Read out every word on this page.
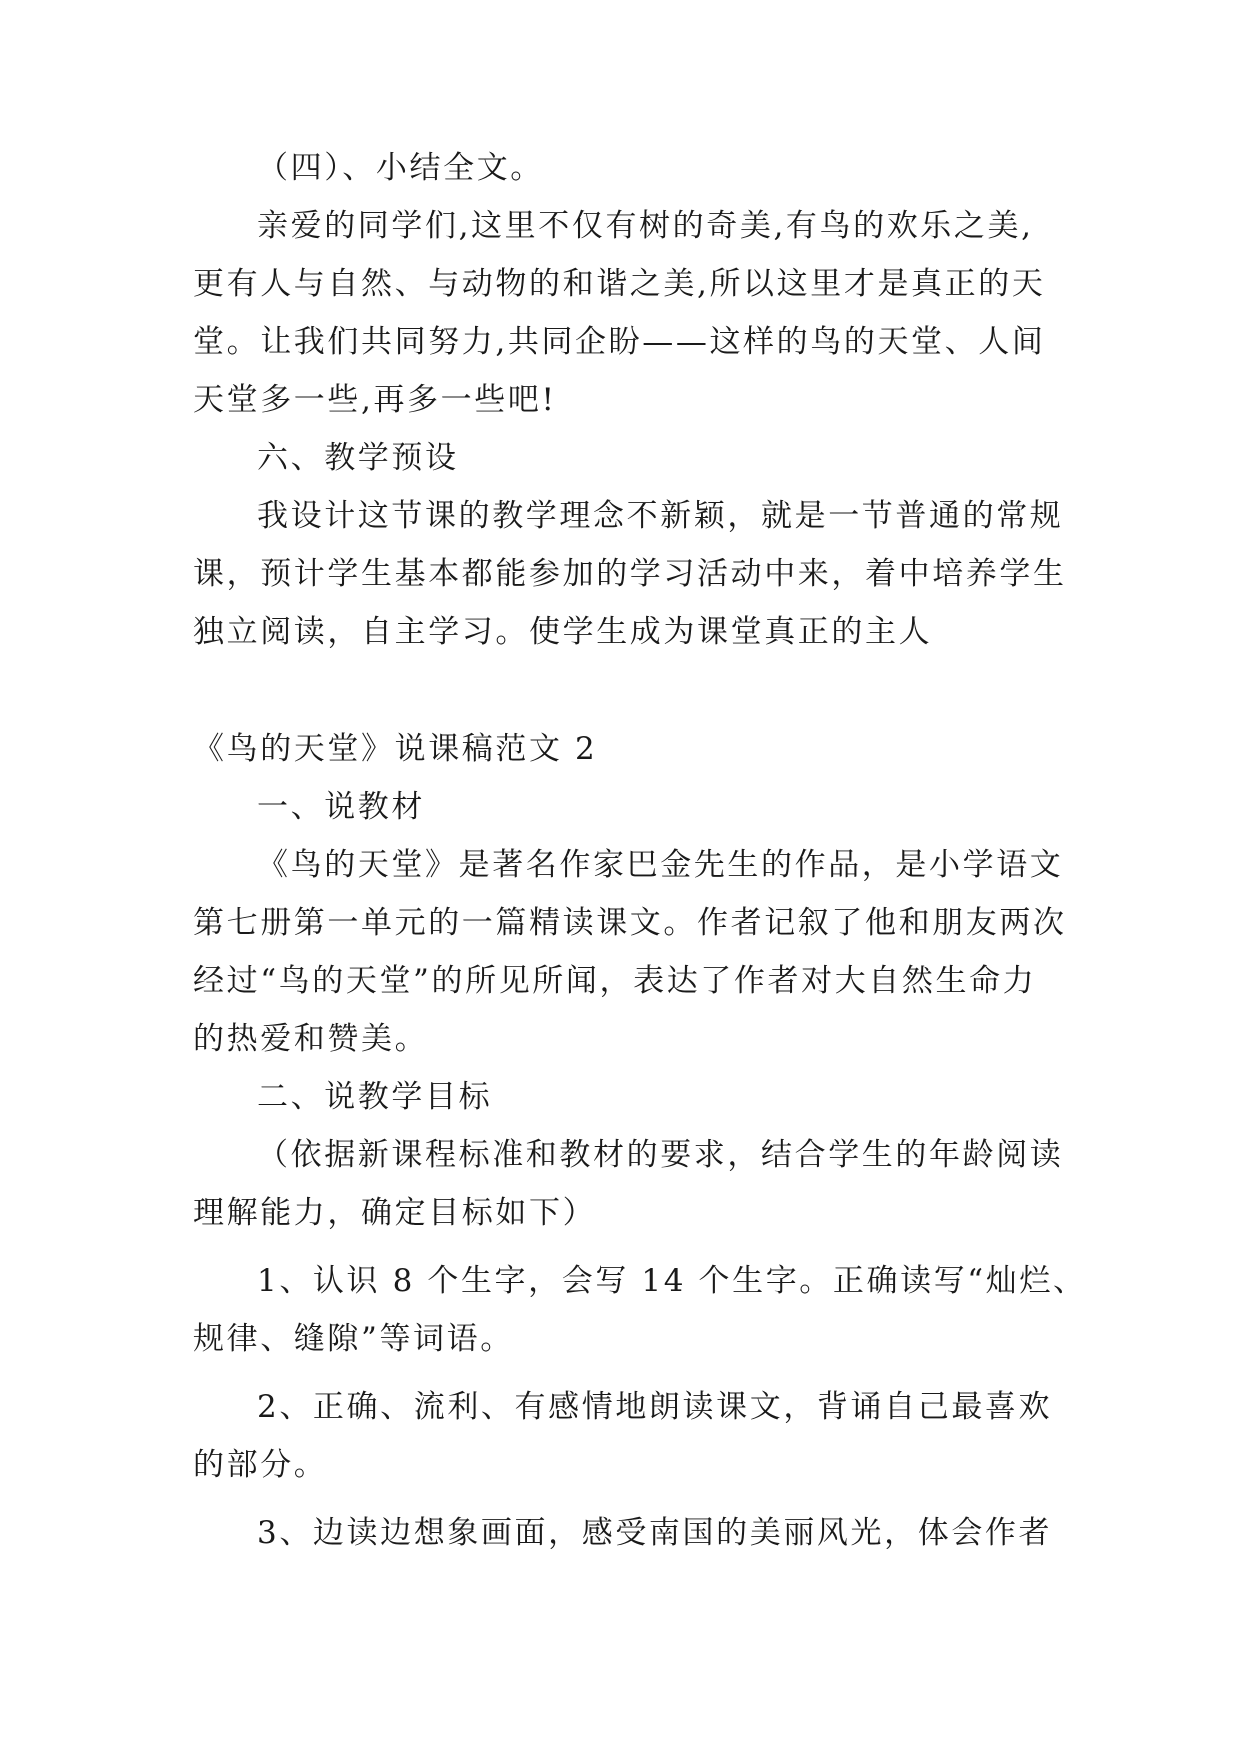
（四）、小结全文。
亲爱的同学们,这里不仅有树的奇美,有鸟的欢乐之美,
更有人与自然、与动物的和谐之美,所以这里才是真正的天
堂。让我们共同努力,共同企盼——这样的鸟的天堂、人间
天堂多一些,再多一些吧!
六、教学预设
我设计这节课的教学理念不新颖，就是一节普通的常规
课，预计学生基本都能参加的学习活动中来，着中培养学生
独立阅读，自主学习。使学生成为课堂真正的主人
《鸟的天堂》说课稿范文 2
一、说教材
《鸟的天堂》是著名作家巴金先生的作品，是小学语文
第七册第一单元的一篇精读课文。作者记叙了他和朋友两次
经过“鸟的天堂”的所见所闻，表达了作者对大自然生命力
的热爱和赞美。
二、说教学目标
（依据新课程标准和教材的要求，结合学生的年龄阅读
理解能力，确定目标如下）
1、认识 8 个生字，会写 14 个生字。正确读写“灿烂、
规律、缝隙”等词语。
2、正确、流利、有感情地朗读课文，背诵自己最喜欢
的部分。
3、边读边想象画面，感受南国的美丽风光，体会作者
